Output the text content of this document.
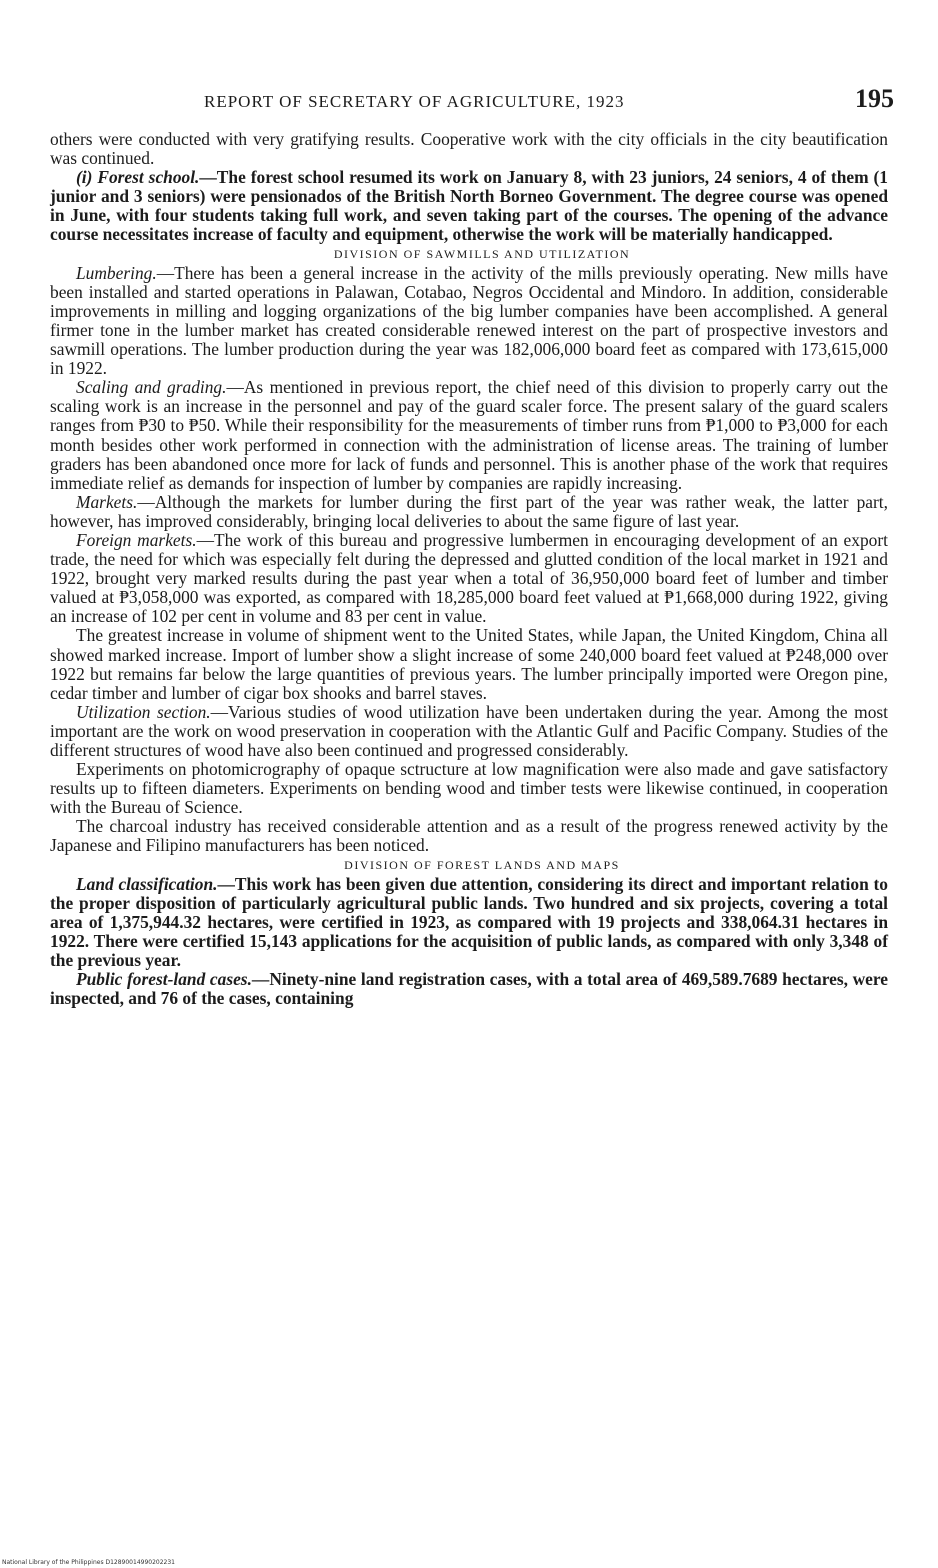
REPORT OF SECRETARY OF AGRICULTURE, 1923	195

others were conducted with very gratifying results. Cooperative work with the city officials in the city beautification was continued.

(i) Forest school.—The forest school resumed its work on January 8, with 23 juniors, 24 seniors, 4 of them (1 junior and 3 seniors) were pensionados of the British North Borneo Government. The degree course was opened in June, with four students taking full work, and seven taking part of the courses. The opening of the advance course necessitates increase of faculty and equipment, otherwise the work will be materially handicapped.

DIVISION OF SAWMILLS AND UTILIZATION

Lumbering.—There has been a general increase in the activity of the mills previously operating. New mills have been installed and started operations in Palawan, Cotabao, Negros Occidental and Mindoro. In addition, considerable improvements in milling and logging organizations of the big lumber companies have been accomplished. A general firmer tone in the lumber market has created considerable renewed interest on the part of prospective investors and sawmill operations. The lumber production during the year was 182,006,000 board feet as compared with 173,615,000 in 1922.

Scaling and grading.—As mentioned in previous report, the chief need of this division to properly carry out the scaling work is an increase in the personnel and pay of the guard scaler force. The present salary of the guard scalers ranges from ₱30 to ₱50. While their responsibility for the measurements of timber runs from ₱1,000 to ₱3,000 for each month besides other work performed in connection with the administration of license areas. The training of lumber graders has been abandoned once more for lack of funds and personnel. This is another phase of the work that requires immediate relief as demands for inspection of lumber by companies are rapidly increasing.

Markets.—Although the markets for lumber during the first part of the year was rather weak, the latter part, however, has improved considerably, bringing local deliveries to about the same figure of last year.

Foreign markets.—The work of this bureau and progressive lumbermen in encouraging development of an export trade, the need for which was especially felt during the depressed and glutted condition of the local market in 1921 and 1922, brought very marked results during the past year when a total of 36,950,000 board feet of lumber and timber valued at ₱3,058,000 was exported, as compared with 18,285,000 board feet valued at ₱1,668,000 during 1922, giving an increase of 102 per cent in volume and 83 per cent in value.

The greatest increase in volume of shipment went to the United States, while Japan, the United Kingdom, China all showed marked increase. Import of lumber show a slight increase of some 240,000 board feet valued at ₱248,000 over 1922 but remains far below the large quantities of previous years. The lumber principally imported were Oregon pine, cedar timber and lumber of cigar box shooks and barrel staves.

Utilization section.—Various studies of wood utilization have been undertaken during the year. Among the most important are the work on wood preservation in cooperation with the Atlantic Gulf and Pacific Company. Studies of the different structures of wood have also been continued and progressed considerably.

Experiments on photomicrography of opaque sctructure at low magnification were also made and gave satisfactory results up to fifteen diameters. Experiments on bending wood and timber tests were likewise continued, in cooperation with the Bureau of Science.

The charcoal industry has received considerable attention and as a result of the progress renewed activity by the Japanese and Filipino manufacturers has been noticed.

DIVISION OF FOREST LANDS AND MAPS

Land classification.—This work has been given due attention, considering its direct and important relation to the proper disposition of particularly agricultural public lands. Two hundred and six projects, covering a total area of 1,375,944.32 hectares, were certified in 1923, as compared with 19 projects and 338,064.31 hectares in 1922. There were certified 15,143 applications for the acquisition of public lands, as compared with only 3,348 of the previous year.

Public forest-land cases.—Ninety-nine land registration cases, with a total area of 469,589.7689 hectares, were inspected, and 76 of the cases, containing

National Library of the Philippines D12890014990202231
